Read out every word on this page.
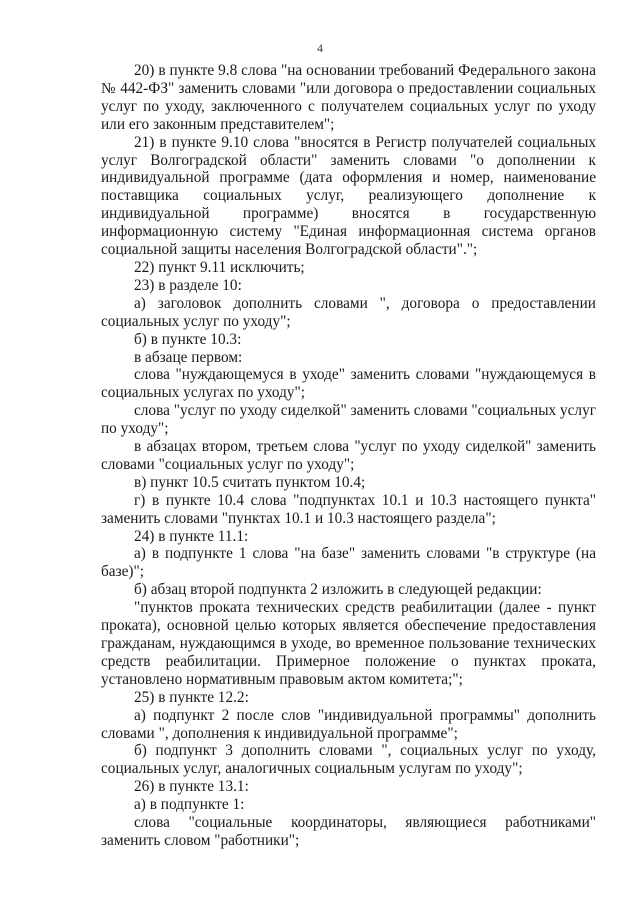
4

20) в пункте 9.8 слова "на основании требований Федерального закона № 442-ФЗ" заменить словами "или договора о предоставлении социальных услуг по уходу, заключенного с получателем социальных услуг по уходу или его законным представителем";

21) в пункте 9.10 слова "вносятся в Регистр получателей социальных услуг Волгоградской области" заменить словами "о дополнении к индивидуальной программе (дата оформления и номер, наименование поставщика социальных услуг, реализующего дополнение к индивидуальной программе) вносятся в государственную информационную систему "Единая информационная система органов социальной защиты населения Волгоградской области".";

22) пункт 9.11 исключить;

23) в разделе 10:

а) заголовок дополнить словами ", договора о предоставлении социальных услуг по уходу";

б) в пункте 10.3:

в абзаце первом:

слова "нуждающемуся в уходе" заменить словами "нуждающемуся в социальных услугах по уходу";

слова "услуг по уходу сиделкой" заменить словами "социальных услуг по уходу";

в абзацах втором, третьем слова "услуг по уходу сиделкой" заменить словами "социальных услуг по уходу";

в) пункт 10.5 считать пунктом 10.4;

г) в пункте 10.4 слова "подпунктах 10.1 и 10.3 настоящего пункта" заменить словами "пунктах 10.1 и 10.3 настоящего раздела";

24) в пункте 11.1:

а) в подпункте 1 слова "на базе" заменить словами "в структуре (на базе)";

б) абзац второй подпункта 2 изложить в следующей редакции:

"пунктов проката технических средств реабилитации (далее - пункт проката), основной целью которых является обеспечение предоставления гражданам, нуждающимся в уходе, во временное пользование технических средств реабилитации. Примерное положение о пунктах проката, установлено нормативным правовым актом комитета;";

25) в пункте 12.2:

а) подпункт 2 после слов "индивидуальной программы" дополнить словами ", дополнения к индивидуальной программе";

б) подпункт 3 дополнить словами ", социальных услуг по уходу, социальных услуг, аналогичных социальным услугам по уходу";

26) в пункте 13.1:

а) в подпункте 1:

слова "социальные координаторы, являющиеся работниками" заменить словом "работники";
